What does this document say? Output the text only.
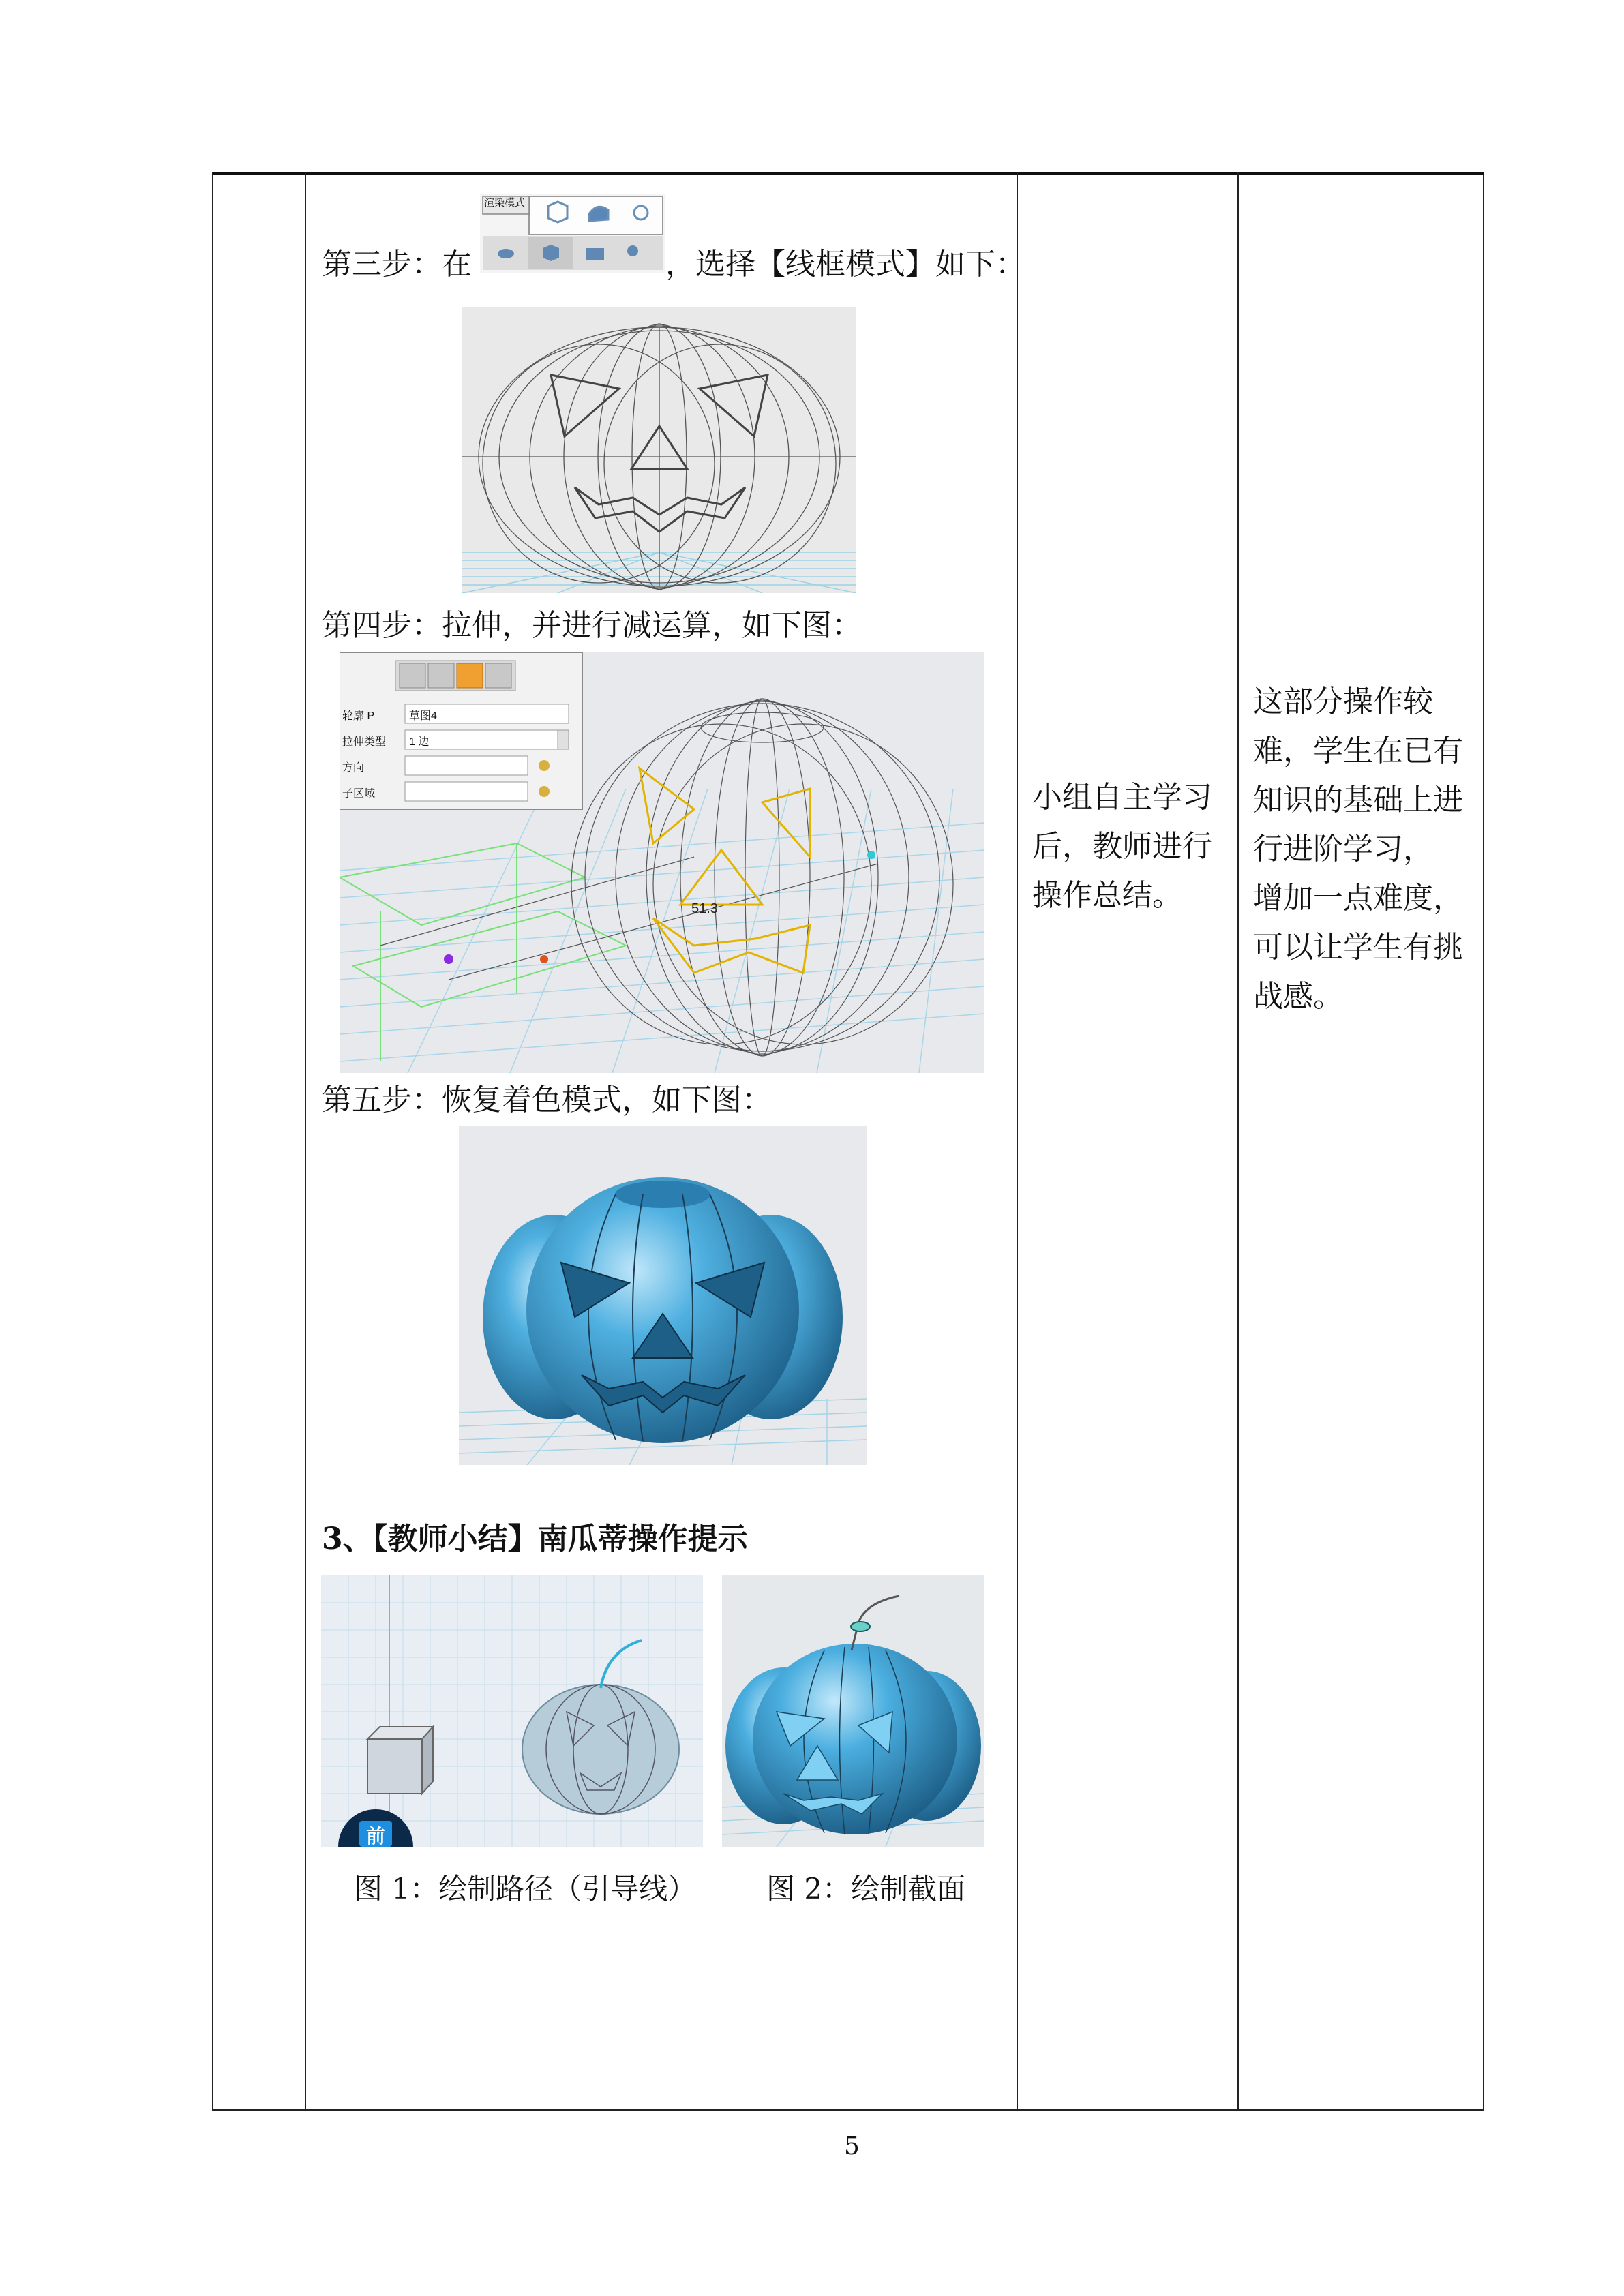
第三步：在
渲染模式
，选择【线框模式】如下：
第四步：拉伸，并进行减运算，如下图：
51.3
轮廓 P	草图4
拉伸类型 1 边
方向
子区域
第五步：恢复着色模式，如下图：
3、【教师小结】南瓜蒂操作提示
前
图 1：绘制路径（引导线） 图 2：绘制截面
小组自主学习
后，教师进行
操作总结。
这部分操作较
难，学生在已有
知识的基础上进
行进阶学习，
增加一点难度，
可以让学生有挑
战感。
5
